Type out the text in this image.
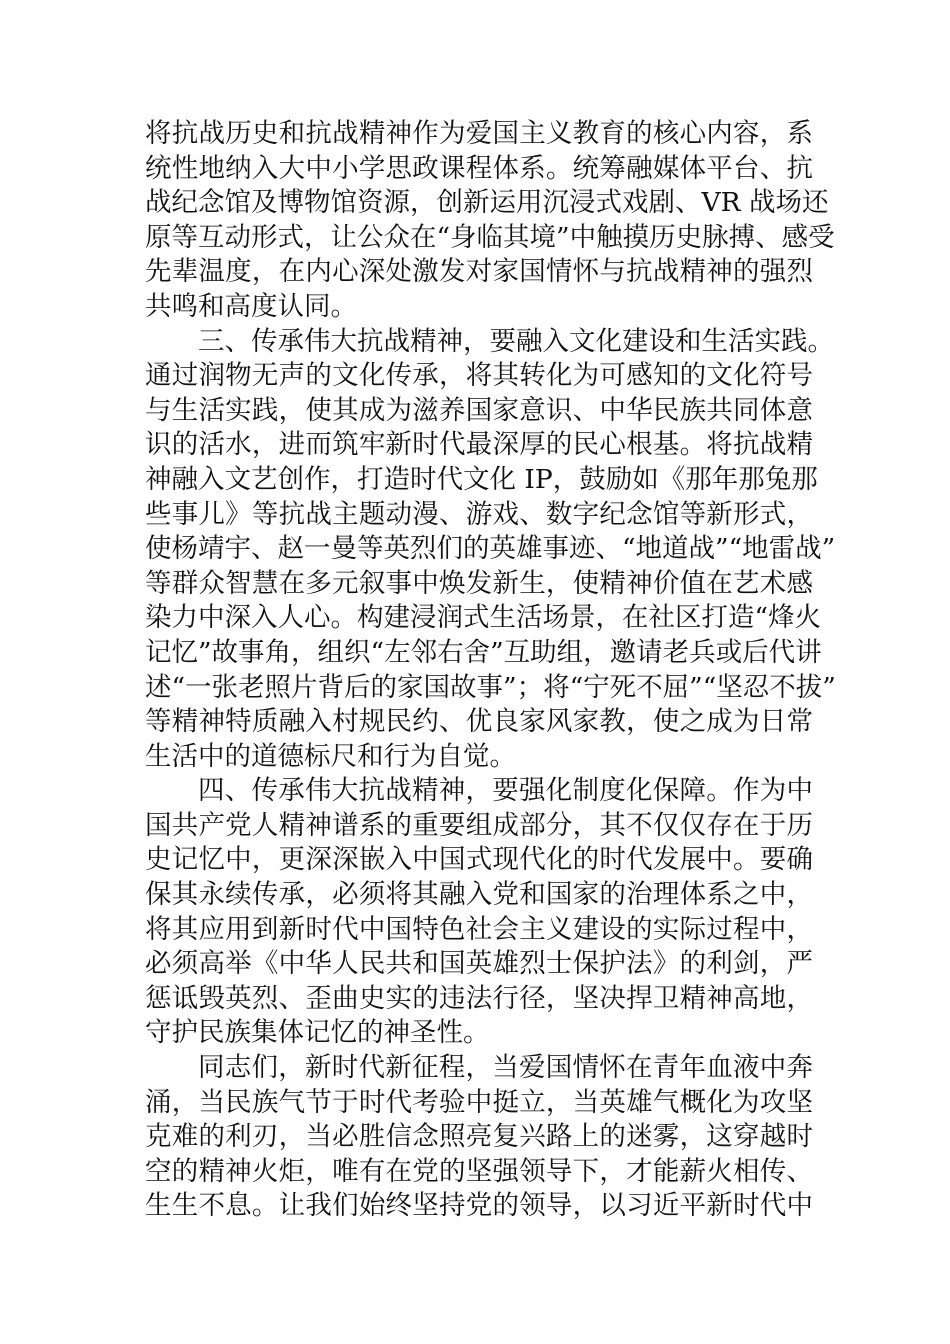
将抗战历史和抗战精神作为爱国主义教育的核心内容，系
统性地纳入大中小学思政课程体系。统筹融媒体平台、抗
战纪念馆及博物馆资源，创新运用沉浸式戏剧、VR 战场还
原等互动形式，让公众在“身临其境”中触摸历史脉搏、感受
先辈温度，在内心深处激发对家国情怀与抗战精神的强烈
共鸣和高度认同。
三、传承伟大抗战精神，要融入文化建设和生活实践。
通过润物无声的文化传承，将其转化为可感知的文化符号
与生活实践，使其成为滋养国家意识、中华民族共同体意
识的活水，进而筑牢新时代最深厚的民心根基。将抗战精
神融入文艺创作，打造时代文化 IP，鼓励如《那年那兔那
些事儿》等抗战主题动漫、游戏、数字纪念馆等新形式，
使杨靖宇、赵一曼等英烈们的英雄事迹、“地道战”“地雷战”
等群众智慧在多元叙事中焕发新生，使精神价值在艺术感
染力中深入人心。构建浸润式生活场景，在社区打造“烽火
记忆”故事角，组织“左邻右舍”互助组，邀请老兵或后代讲
述“一张老照片背后的家国故事”；将“宁死不屈”“坚忍不拔”
等精神特质融入村规民约、优良家风家教，使之成为日常
生活中的道德标尺和行为自觉。
四、传承伟大抗战精神，要强化制度化保障。作为中
国共产党人精神谱系的重要组成部分，其不仅仅存在于历
史记忆中，更深深嵌入中国式现代化的时代发展中。要确
保其永续传承，必须将其融入党和国家的治理体系之中，
将其应用到新时代中国特色社会主义建设的实际过程中，
必须高举《中华人民共和国英雄烈士保护法》的利剑，严
惩诋毁英烈、歪曲史实的违法行径，坚决捍卫精神高地，
守护民族集体记忆的神圣性。
同志们，新时代新征程，当爱国情怀在青年血液中奔
涌，当民族气节于时代考验中挺立，当英雄气概化为攻坚
克难的利刃，当必胜信念照亮复兴路上的迷雾，这穿越时
空的精神火炬，唯有在党的坚强领导下，才能薪火相传、
生生不息。让我们始终坚持党的领导，以习近平新时代中
